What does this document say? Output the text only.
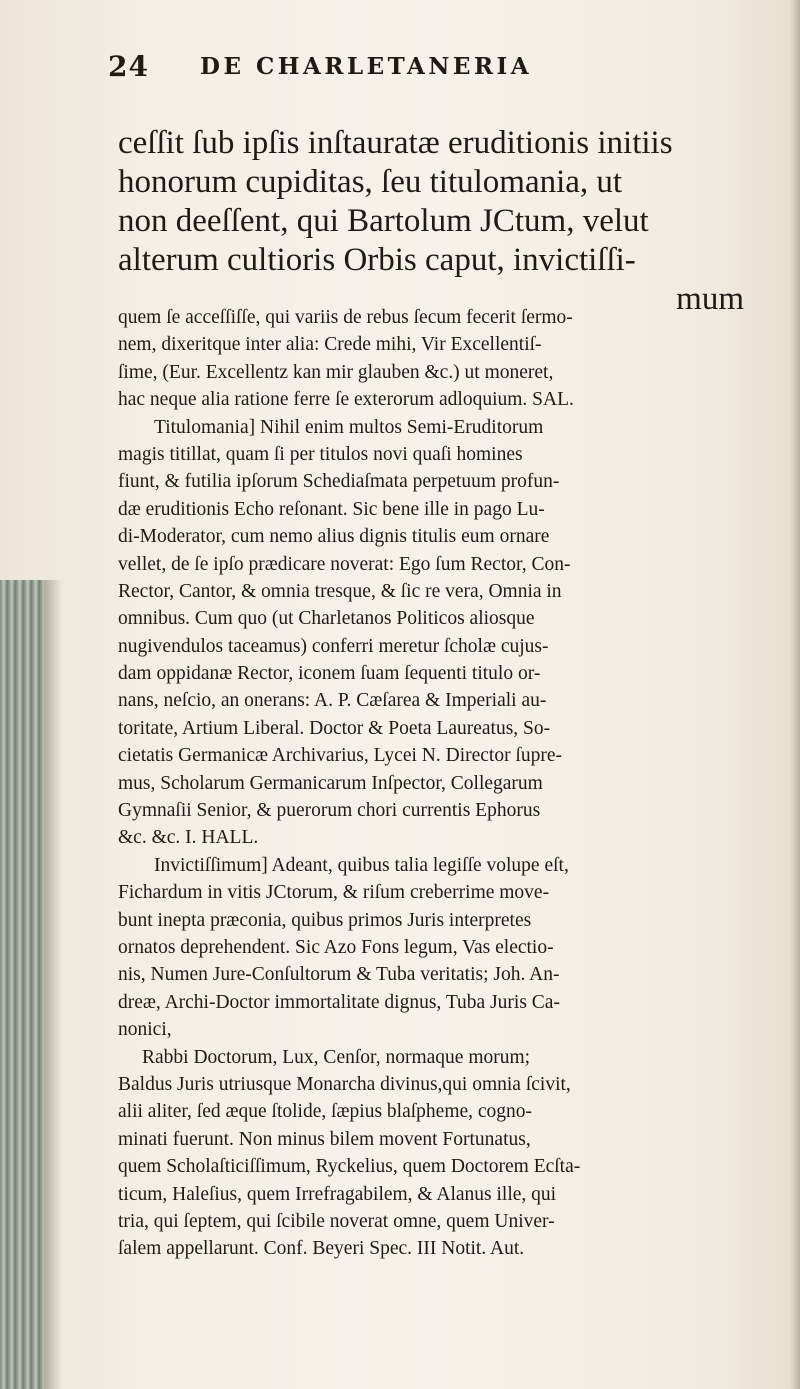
24 DE CHARLETANERIA
ceſſit ſub ipſis inſtauratæ eruditionis initiis
honorum cupiditas, ſeu titulomania, ut
non deeſſent, qui Bartolum JCtum, velut
alterum cultioris Orbis caput, invictiſſi-
mum
quem ſe acceſſiſſe, qui variis de rebus ſecum fecerit ſermo-
nem, dixeritque inter alia: Crede mihi, Vir Excellentiſ-
ſime, (Eur. Excellentz kan mir glauben &c.) ut moneret,
hac neque alia ratione ferre ſe exterorum adloquium. SAL.
Titulomania] Nihil enim multos Semi-Eruditorum
magis titillat, quam ſi per titulos novi quaſi homines
fiunt, & futilia ipſorum Schediaſmata perpetuum profun-
dæ eruditionis Echo reſonant. Sic bene ille in pago Lu-
di-Moderator, cum nemo alius dignis titulis eum ornare
vellet, de ſe ipſo prædicare noverat: Ego ſum Rector, Con-
Rector, Cantor, & omnia tresque, & ſic re vera, Omnia in
omnibus. Cum quo (ut Charletanos Politicos aliosque
nugivendulos taceamus) conferri meretur ſcholæ cujus-
dam oppidanæ Rector, iconem ſuam ſequenti titulo or-
nans, neſcio, an onerans: A. P. Cæſarea & Imperiali au-
toritate, Artium Liberal. Doctor & Poeta Laureatus, So-
cietatis Germanicæ Archivarius, Lycei N. Director ſupre-
mus, Scholarum Germanicarum Inſpector, Collegarum
Gymnaſii Senior, & puerorum chori currentis Ephorus
&c. &c. I. HALL.
Invictiſſimum] Adeant, quibus talia legiſſe volupe eſt,
Fichardum in vitis JCtorum, & riſum creberrime move-
bunt inepta præconia, quibus primos Juris interpretes
ornatos deprehendent. Sic Azo Fons legum, Vas electio-
nis, Numen Jure-Conſultorum & Tuba veritatis; Joh. An-
dreæ, Archi-Doctor immortalitate dignus, Tuba Juris Ca-
nonici,
Rabbi Doctorum, Lux, Cenſor, normaque morum;
Baldus Juris utriusque Monarcha divinus,qui omnia ſcivit,
alii aliter, ſed æque ſtolide, ſæpius blaſpheme, cogno-
minati fuerunt. Non minus bilem movent Fortunatus,
quem Scholaſticiſſimum, Ryckelius, quem Doctorem Ecſta-
ticum, Haleſius, quem Irrefragabilem, & Alanus ille, qui
tria, qui ſeptem, qui ſcibile noverat omne, quem Univer-
ſalem appellarunt. Conf. Beyeri Spec. III Notit. Aut.
